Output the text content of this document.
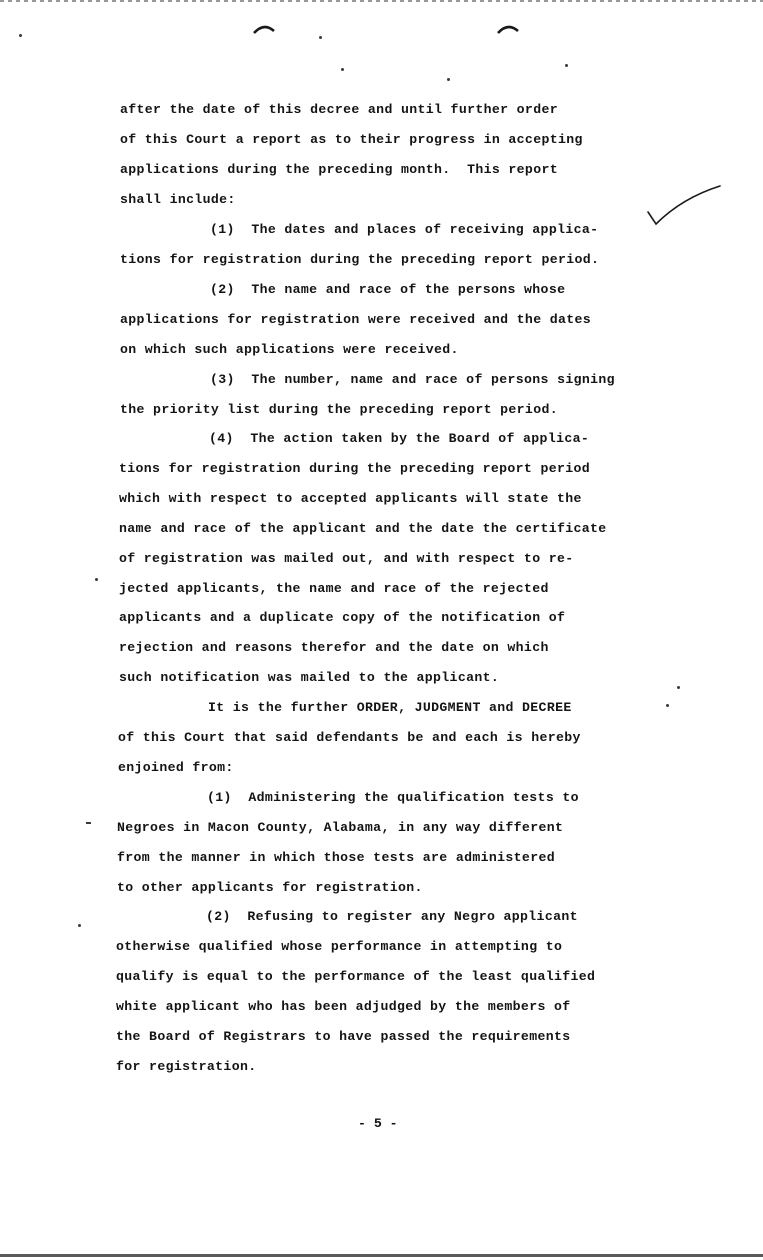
after the date of this decree and until further order
of this Court a report as to their progress in accepting
applications during the preceding month.  This report
shall include:
(1)  The dates and places of receiving applica-
tions for registration during the preceding report period.
(2)  The name and race of the persons whose
applications for registration were received and the dates
on which such applications were received.
(3)  The number, name and race of persons signing
the priority list during the preceding report period.
(4)  The action taken by the Board of applica-
tions for registration during the preceding report period
which with respect to accepted applicants will state the
name and race of the applicant and the date the certificate
of registration was mailed out, and with respect to re-
jected applicants, the name and race of the rejected
applicants and a duplicate copy of the notification of
rejection and reasons therefor and the date on which
such notification was mailed to the applicant.
It is the further ORDER, JUDGMENT and DECREE
of this Court that said defendants be and each is hereby
enjoined from:
(1)  Administering the qualification tests to
Negroes in Macon County, Alabama, in any way different
from the manner in which those tests are administered
to other applicants for registration.
(2)  Refusing to register any Negro applicant
otherwise qualified whose performance in attempting to
qualify is equal to the performance of the least qualified
white applicant who has been adjudged by the members of
the Board of Registrars to have passed the requirements
for registration.
- 5 -
